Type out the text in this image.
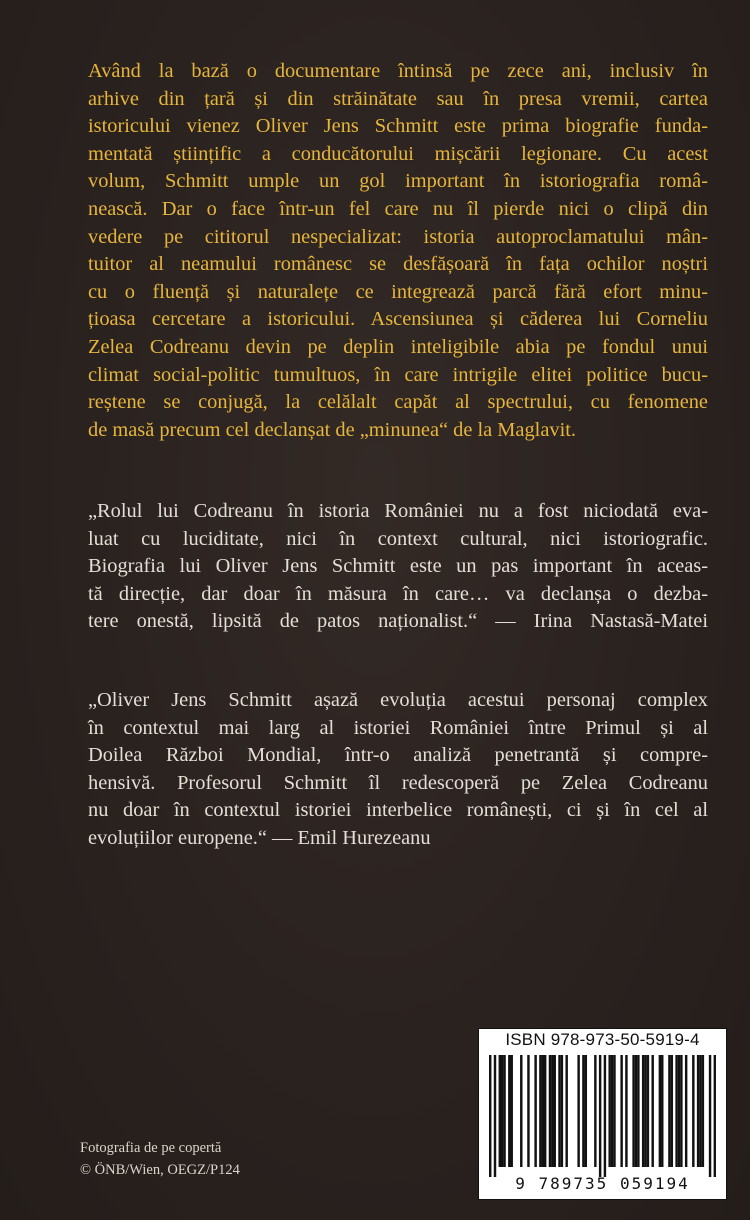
Având la bază o documentare întinsă pe zece ani, inclusiv în
arhive din țară și din străinătate sau în presa vremii, cartea
istoricului vienez Oliver Jens Schmitt este prima biografie funda-
mentată științific a conducătorului mișcării legionare. Cu acest
volum, Schmitt umple un gol important în istoriografia româ-
nească. Dar o face într-un fel care nu îl pierde nici o clipă din
vedere pe cititorul nespecializat: istoria autoproclamatului mân-
tuitor al neamului românesc se desfășoară în fața ochilor noștri
cu o fluență și naturalețe ce integrează parcă fără efort minu-
țioasa cercetare a istoricului. Ascensiunea și căderea lui Corneliu
Zelea Codreanu devin pe deplin inteligibile abia pe fondul unui
climat social-politic tumultuos, în care intrigile elitei politice bucu-
reștene se conjugă, la celălalt capăt al spectrului, cu fenomene
de masă precum cel declanșat de „minunea“ de la Maglavit.
„Rolul lui Codreanu în istoria României nu a fost niciodată eva-
luat cu luciditate, nici în context cultural, nici istoriografic.
Biografia lui Oliver Jens Schmitt este un pas important în aceas-
tă direcție, dar doar în măsura în care… va declanșa o dezba-
tere onestă, lipsită de patos naționalist.“ — Irina Nastasă-Matei
„Oliver Jens Schmitt așază evoluția acestui personaj complex
în contextul mai larg al istoriei României între Primul și al
Doilea Război Mondial, într-o analiză penetrantă și compre-
hensivă. Profesorul Schmitt îl redescoperă pe Zelea Codreanu
nu doar în contextul istoriei interbelice românești, ci și în cel al
evoluțiilor europene.“ — Emil Hurezeanu
ISBN 978-973-50-5919-4
9 789735 059194
Fotografia de pe copertă
© ÖNB/Wien, OEGZ/P124
